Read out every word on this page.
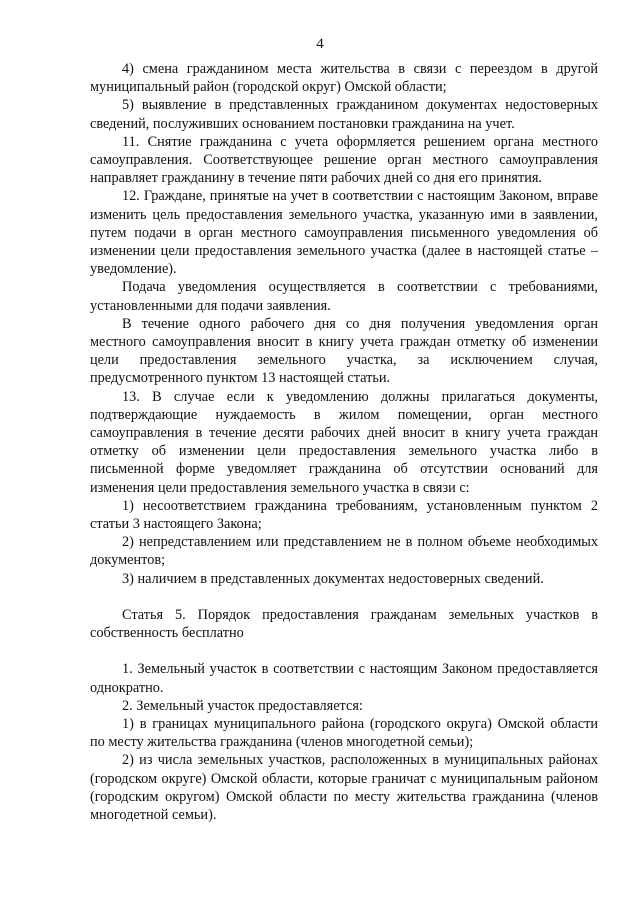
4

4) смена гражданином места жительства в связи с переездом в другой муниципальный район (городской округ) Омской области;

5) выявление в представленных гражданином документах недостоверных сведений, послуживших основанием постановки гражданина на учет.

11. Снятие гражданина с учета оформляется решением органа местного самоуправления. Соответствующее решение орган местного самоуправления направляет гражданину в течение пяти рабочих дней со дня его принятия.

12. Граждане, принятые на учет в соответствии с настоящим Законом, вправе изменить цель предоставления земельного участка, указанную ими в заявлении, путем подачи в орган местного самоуправления письменного уведомления об изменении цели предоставления земельного участка (далее в настоящей статье – уведомление).

Подача уведомления осуществляется в соответствии с требованиями, установленными для подачи заявления.

В течение одного рабочего дня со дня получения уведомления орган местного самоуправления вносит в книгу учета граждан отметку об изменении цели предоставления земельного участка, за исключением случая, предусмотренного пунктом 13 настоящей статьи.

13. В случае если к уведомлению должны прилагаться документы, подтверждающие нуждаемость в жилом помещении, орган местного самоуправления в течение десяти рабочих дней вносит в книгу учета граждан отметку об изменении цели предоставления земельного участка либо в письменной форме уведомляет гражданина об отсутствии оснований для изменения цели предоставления земельного участка в связи с:

1) несоответствием гражданина требованиям, установленным пунктом 2 статьи 3 настоящего Закона;

2) непредставлением или представлением не в полном объеме необходимых документов;

3) наличием в представленных документах недостоверных сведений.

Статья 5. Порядок предоставления гражданам земельных участков в собственность бесплатно

1. Земельный участок в соответствии с настоящим Законом предоставляется однократно.

2. Земельный участок предоставляется:

1) в границах муниципального района (городского округа) Омской области по месту жительства гражданина (членов многодетной семьи);

2) из числа земельных участков, расположенных в муниципальных районах (городском округе) Омской области, которые граничат с муниципальным районом (городским округом) Омской области по месту жительства гражданина (членов многодетной семьи).
